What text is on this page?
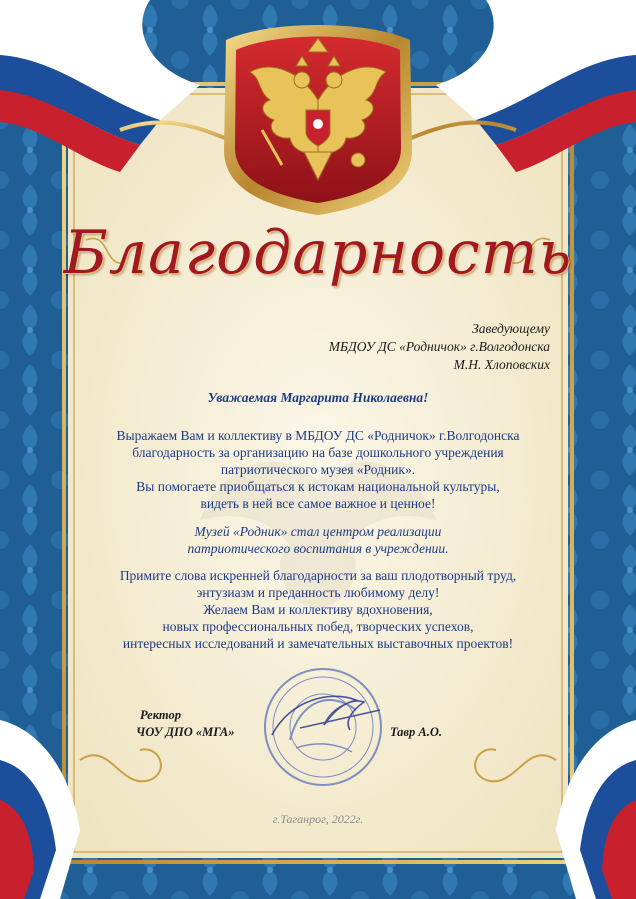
Благодарность
Заведующему
МБДОУ ДС «Родничок» г.Волгодонска
М.Н. Хлоповских
Уважаемая Маргарита Николаевна!
Выражаем Вам и коллективу в МБДОУ ДС «Родничок» г.Волгодонска
благодарность за организацию на базе дошкольного учреждения
патриотического музея «Родник».
Вы помогаете приобщаться к истокам национальной культуры,
видеть в ней все самое важное и ценное!
Музей «Родник» стал центром реализации
патриотического воспитания в учреждении.
Примите слова искренней благодарности за ваш плодотворный труд,
энтузиазм и преданность любимому делу!
Желаем Вам и коллективу вдохновения,
новых профессиональных побед, творческих успехов,
интересных исследований и замечательных выставочных проектов!
Ректор
ЧОУ ДПО «МГА»	Тавр А.О.
г.Таганрог, 2022г.
